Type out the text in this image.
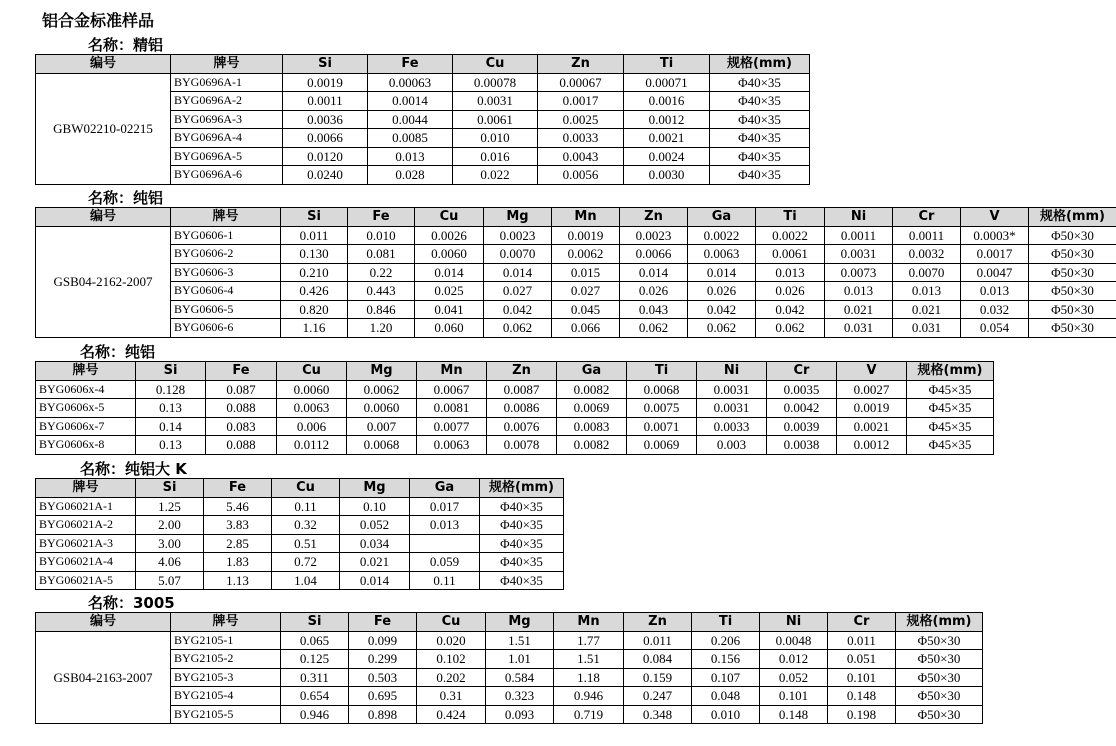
铝合金标准样品
名称：精铝
编号	牌号	Si	Fe	Cu	Zn	Ti	规格(mm)
GBW02210-02215	BYG0696A-1	0.0019	0.00063	0.00078	0.00067	0.00071	Φ40×35
	BYG0696A-2	0.0011	0.0014	0.0031	0.0017	0.0016	Φ40×35
	BYG0696A-3	0.0036	0.0044	0.0061	0.0025	0.0012	Φ40×35
	BYG0696A-4	0.0066	0.0085	0.010	0.0033	0.0021	Φ40×35
	BYG0696A-5	0.0120	0.013	0.016	0.0043	0.0024	Φ40×35
	BYG0696A-6	0.0240	0.028	0.022	0.0056	0.0030	Φ40×35
名称：纯铝
编号	牌号	Si	Fe	Cu	Mg	Mn	Zn	Ga	Ti	Ni	Cr	V	规格(mm)
GSB04-2162-2007	BYG0606-1	0.011	0.010	0.0026	0.0023	0.0019	0.0023	0.0022	0.0022	0.0011	0.0011	0.0003*	Φ50×30
	BYG0606-2	0.130	0.081	0.0060	0.0070	0.0062	0.0066	0.0063	0.0061	0.0031	0.0032	0.0017	Φ50×30
	BYG0606-3	0.210	0.22	0.014	0.014	0.015	0.014	0.014	0.013	0.0073	0.0070	0.0047	Φ50×30
	BYG0606-4	0.426	0.443	0.025	0.027	0.027	0.026	0.026	0.026	0.013	0.013	0.013	Φ50×30
	BYG0606-5	0.820	0.846	0.041	0.042	0.045	0.043	0.042	0.042	0.021	0.021	0.032	Φ50×30
	BYG0606-6	1.16	1.20	0.060	0.062	0.066	0.062	0.062	0.062	0.031	0.031	0.054	Φ50×30
名称：纯铝
牌号	Si	Fe	Cu	Mg	Mn	Zn	Ga	Ti	Ni	Cr	V	规格(mm)
BYG0606x-4	0.128	0.087	0.0060	0.0062	0.0067	0.0087	0.0082	0.0068	0.0031	0.0035	0.0027	Φ45×35
BYG0606x-5	0.13	0.088	0.0063	0.0060	0.0081	0.0086	0.0069	0.0075	0.0031	0.0042	0.0019	Φ45×35
BYG0606x-7	0.14	0.083	0.006	0.007	0.0077	0.0076	0.0083	0.0071	0.0033	0.0039	0.0021	Φ45×35
BYG0606x-8	0.13	0.088	0.0112	0.0068	0.0063	0.0078	0.0082	0.0069	0.003	0.0038	0.0012	Φ45×35
名称：纯铝大 K
牌号	Si	Fe	Cu	Mg	Ga	规格(mm)
BYG06021A-1	1.25	5.46	0.11	0.10	0.017	Φ40×35
BYG06021A-2	2.00	3.83	0.32	0.052	0.013	Φ40×35
BYG06021A-3	3.00	2.85	0.51	0.034		Φ40×35
BYG06021A-4	4.06	1.83	0.72	0.021	0.059	Φ40×35
BYG06021A-5	5.07	1.13	1.04	0.014	0.11	Φ40×35
名称：3005
编号	牌号	Si	Fe	Cu	Mg	Mn	Zn	Ti	Ni	Cr	规格(mm)
GSB04-2163-2007	BYG2105-1	0.065	0.099	0.020	1.51	1.77	0.011	0.206	0.0048	0.011	Φ50×30
	BYG2105-2	0.125	0.299	0.102	1.01	1.51	0.084	0.156	0.012	0.051	Φ50×30
	BYG2105-3	0.311	0.503	0.202	0.584	1.18	0.159	0.107	0.052	0.101	Φ50×30
	BYG2105-4	0.654	0.695	0.31	0.323	0.946	0.247	0.048	0.101	0.148	Φ50×30
	BYG2105-5	0.946	0.898	0.424	0.093	0.719	0.348	0.010	0.148	0.198	Φ50×30
